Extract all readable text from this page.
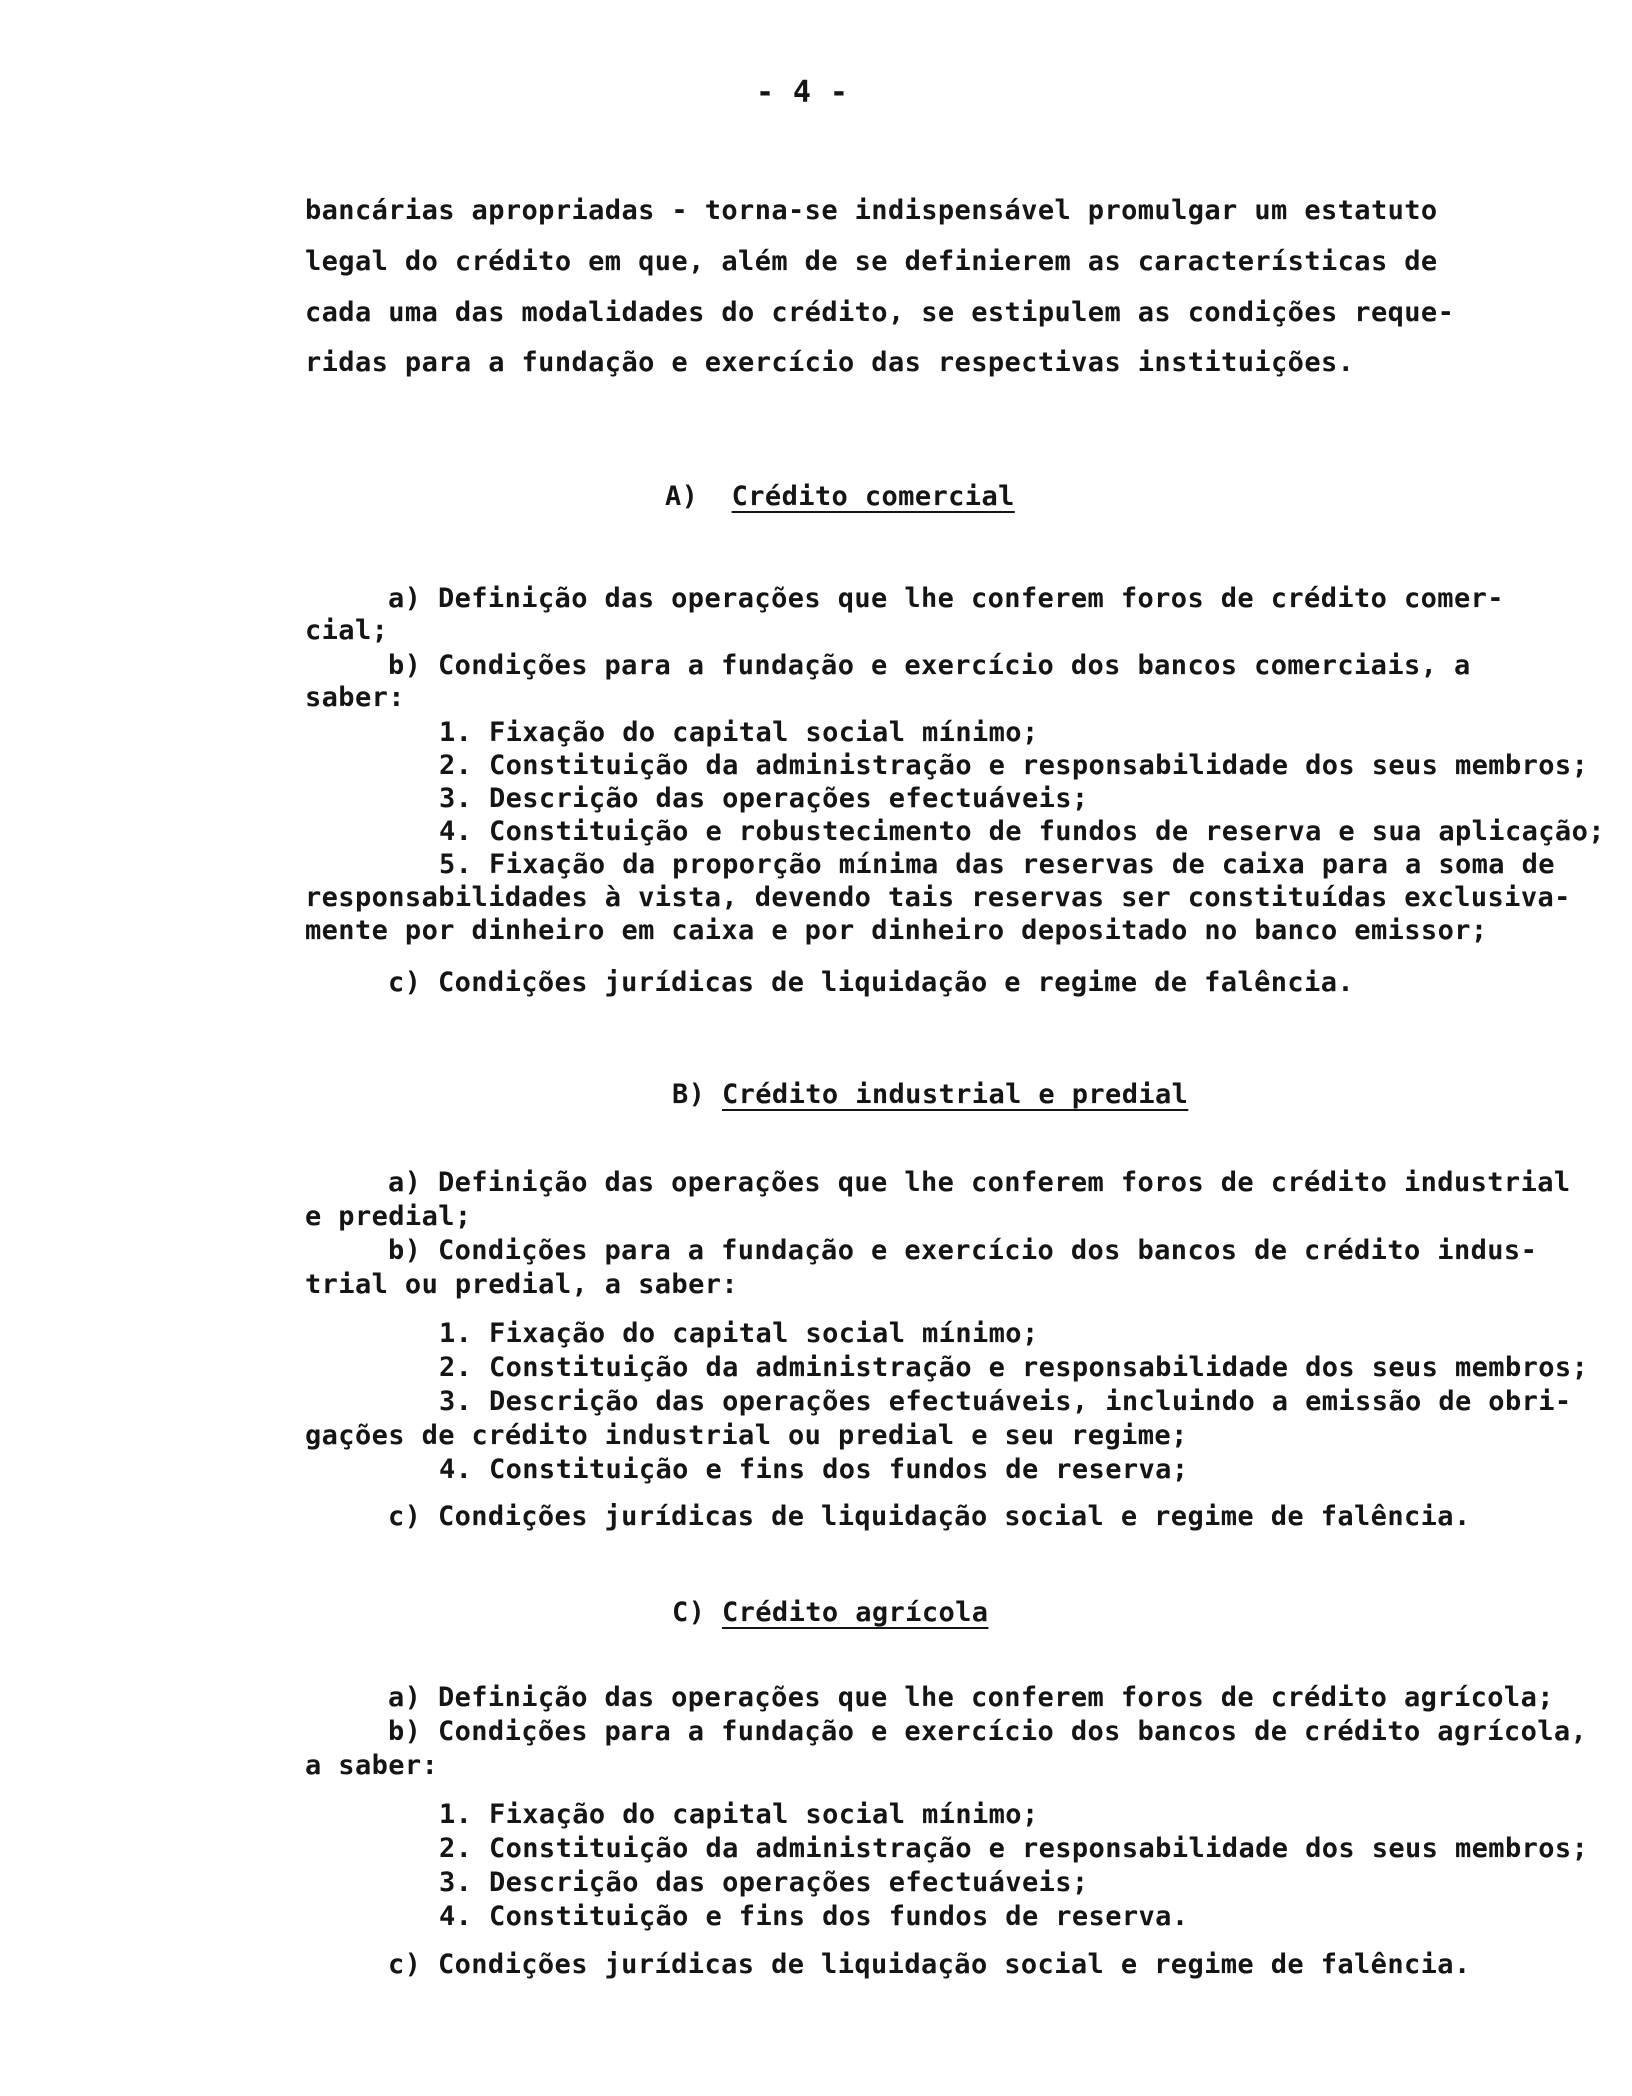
- 4 -
bancárias apropriadas - torna-se indispensável promulgar um estatuto
legal do crédito em que, além de se definierem as características de
cada uma das modalidades do crédito, se estipulem as condições reque-
ridas para a fundação e exercício das respectivas instituições.
A) Crédito comercial
a) Definição das operações que lhe conferem foros de crédito comer-
cial;
b) Condições para a fundação e exercício dos bancos comerciais, a
saber:
1. Fixação do capital social mínimo;
2. Constituição da administração e responsabilidade dos seus membros;
3. Descrição das operações efectuáveis;
4. Constituição e robustecimento de fundos de reserva e sua aplicação;
5. Fixação da proporção mínima das reservas de caixa para a soma de
responsabilidades à vista, devendo tais reservas ser constituídas exclusiva-
mente por dinheiro em caixa e por dinheiro depositado no banco emissor;
c) Condições jurídicas de liquidação e regime de falência.
B) Crédito industrial e predial
a) Definição das operações que lhe conferem foros de crédito industrial
e predial;
b) Condições para a fundação e exercício dos bancos de crédito indus-
trial ou predial, a saber:
1. Fixação do capital social mínimo;
2. Constituição da administração e responsabilidade dos seus membros;
3. Descrição das operações efectuáveis, incluindo a emissão de obri-
gações de crédito industrial ou predial e seu regime;
4. Constituição e fins dos fundos de reserva;
c) Condições jurídicas de liquidação social e regime de falência.
C) Crédito agrícola
a) Definição das operações que lhe conferem foros de crédito agrícola;
b) Condições para a fundação e exercício dos bancos de crédito agrícola,
a saber:
1. Fixação do capital social mínimo;
2. Constituição da administração e responsabilidade dos seus membros;
3. Descrição das operações efectuáveis;
4. Constituição e fins dos fundos de reserva.
c) Condições jurídicas de liquidação social e regime de falência.
